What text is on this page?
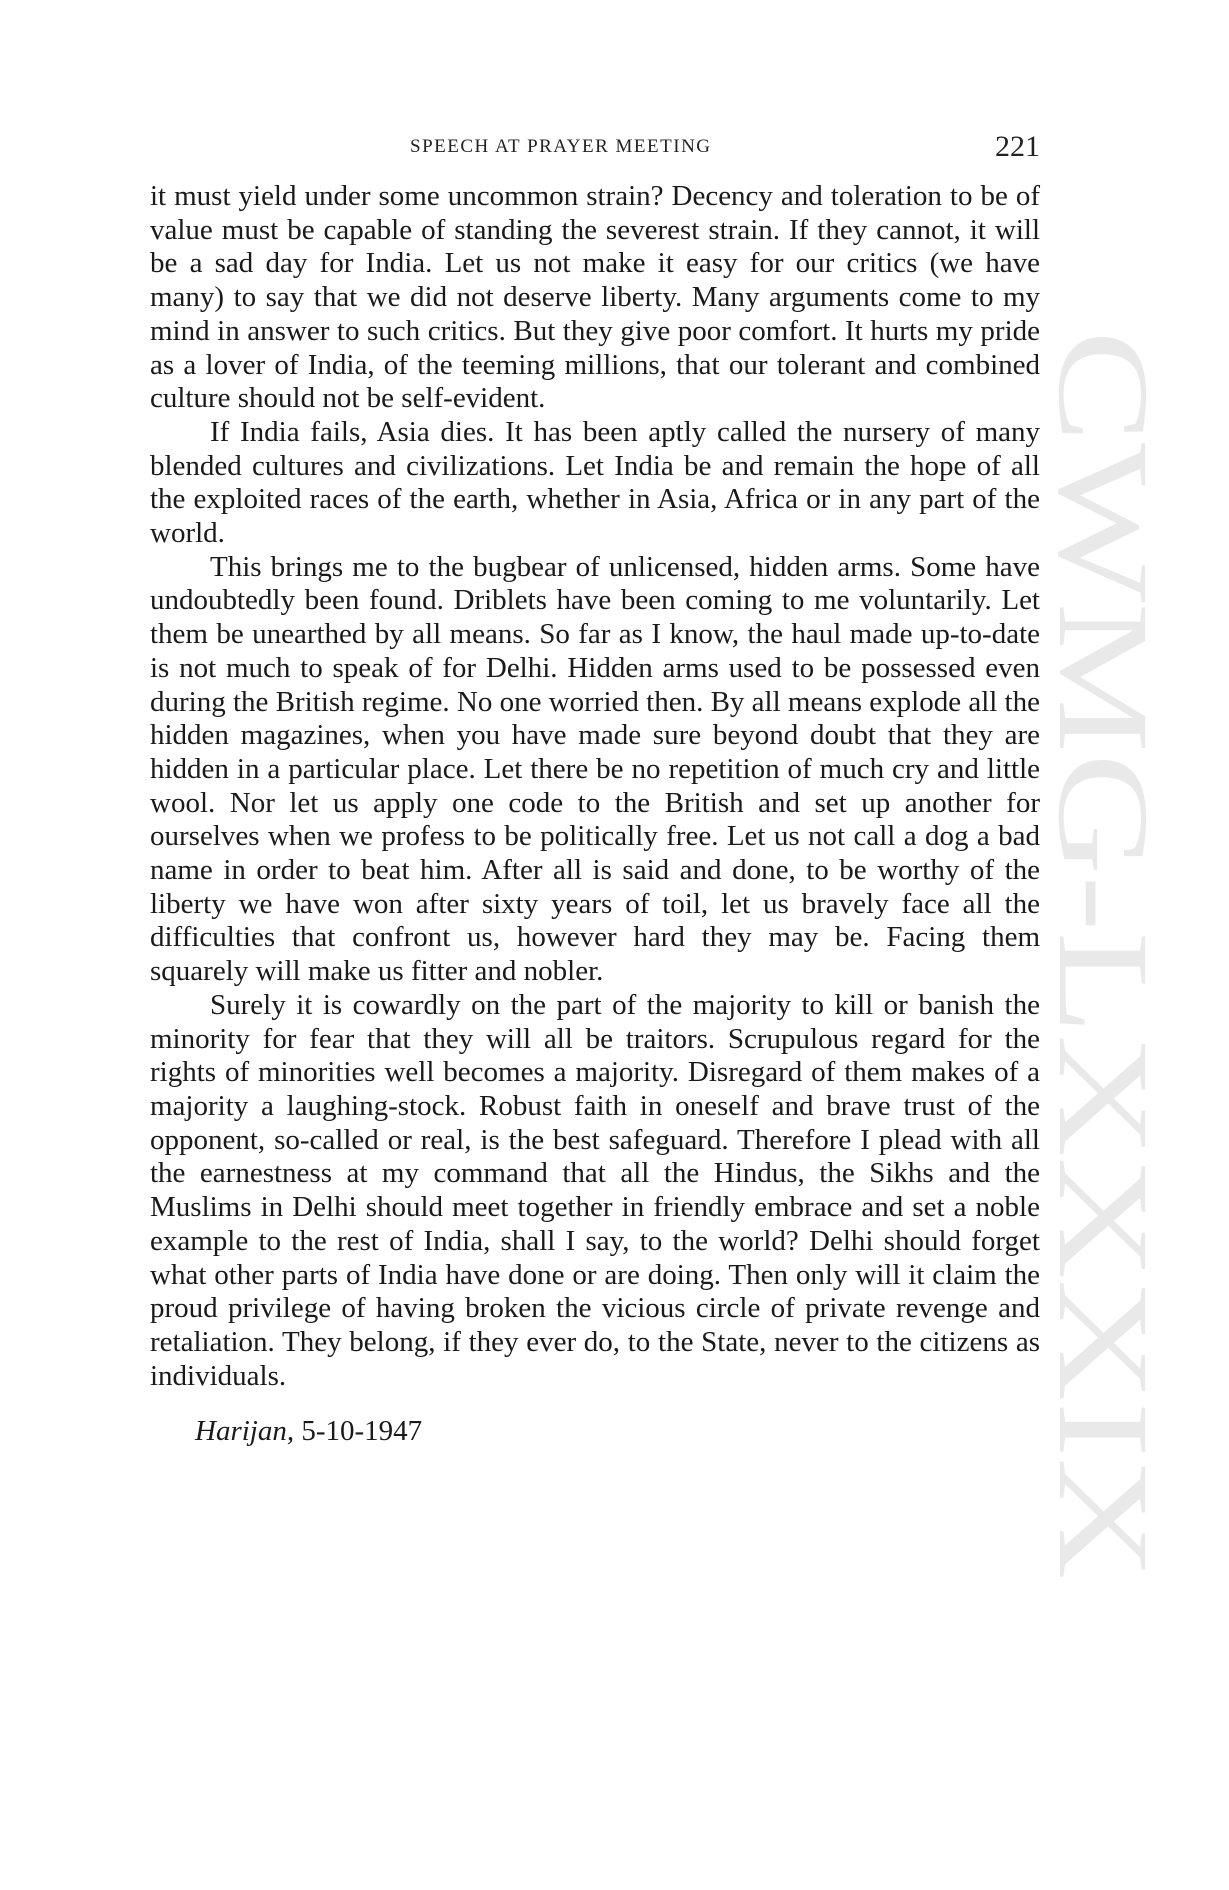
CWMG-LXXXIX
SPEECH AT PRAYER MEETING	221

it must yield under some uncommon strain? Decency and toleration to be of value must be capable of standing the severest strain. If they cannot, it will be a sad day for India. Let us not make it easy for our critics (we have many) to say that we did not deserve liberty. Many arguments come to my mind in answer to such critics. But they give poor comfort. It hurts my pride as a lover of India, of the teeming millions, that our tolerant and combined culture should not be self-evident.

If India fails, Asia dies. It has been aptly called the nursery of many blended cultures and civilizations. Let India be and remain the hope of all the exploited races of the earth, whether in Asia, Africa or in any part of the world.

This brings me to the bugbear of unlicensed, hidden arms. Some have undoubtedly been found. Driblets have been coming to me voluntarily. Let them be unearthed by all means. So far as I know, the haul made up-to-date is not much to speak of for Delhi. Hidden arms used to be possessed even during the British regime. No one worried then. By all means explode all the hidden magazines, when you have made sure beyond doubt that they are hidden in a particular place. Let there be no repetition of much cry and little wool. Nor let us apply one code to the British and set up another for ourselves when we profess to be politically free. Let us not call a dog a bad name in order to beat him. After all is said and done, to be worthy of the liberty we have won after sixty years of toil, let us bravely face all the difficulties that confront us, however hard they may be. Facing them squarely will make us fitter and nobler.

Surely it is cowardly on the part of the majority to kill or banish the minority for fear that they will all be traitors. Scrupulous regard for the rights of minorities well becomes a majority. Disregard of them makes of a majority a laughing-stock. Robust faith in oneself and brave trust of the opponent, so-called or real, is the best safeguard. Therefore I plead with all the earnestness at my command that all the Hindus, the Sikhs and the Muslims in Delhi should meet together in friendly embrace and set a noble example to the rest of India, shall I say, to the world? Delhi should forget what other parts of India have done or are doing. Then only will it claim the proud privilege of having broken the vicious circle of private revenge and retaliation. They belong, if they ever do, to the State, never to the citizens as individuals.

Harijan, 5-10-1947
